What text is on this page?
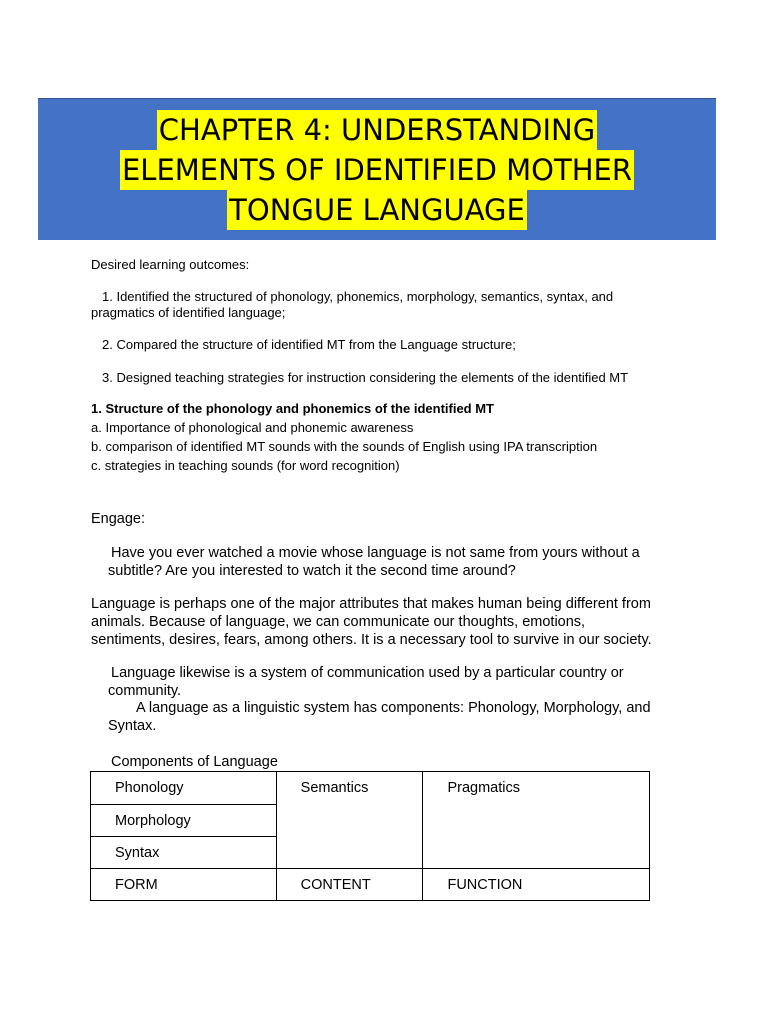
CHAPTER 4: UNDERSTANDING
ELEMENTS OF IDENTIFIED MOTHER
TONGUE LANGUAGE
Desired learning outcomes:
1. Identified the structured of phonology, phonemics, morphology, semantics, syntax, and
pragmatics of identified language;
2. Compared the structure of identified MT from the Language structure;
3. Designed teaching strategies for instruction considering the elements of the identified MT
1. Structure of the phonology and phonemics of the identified MT
a. Importance of phonological and phonemic awareness
b. comparison of identified MT sounds with the sounds of English using IPA transcription
c. strategies in teaching sounds (for word recognition)
Engage:
Have you ever watched a movie whose language is not same from yours without a
subtitle? Are you interested to watch it the second time around?
Language is perhaps one of the major attributes that makes human being different from
animals. Because of language, we can communicate our thoughts, emotions,
sentiments, desires, fears, among others. It is a necessary tool to survive in our society.
Language likewise is a system of communication used by a particular country or
community.
A language as a linguistic system has components: Phonology, Morphology, and
Syntax.
Components of Language
Phonology	Semantics	Pragmatics
Morphology		
Syntax		
FORM	CONTENT	FUNCTION
